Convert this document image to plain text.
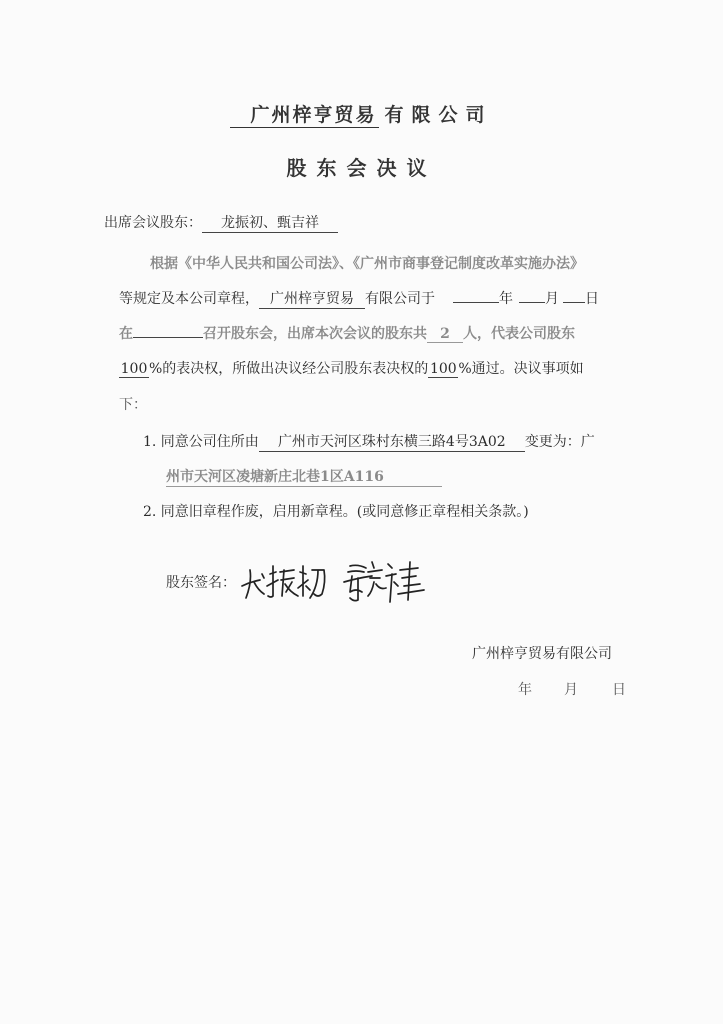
广州梓亨贸易 有限公司
股东会决议
出席会议股东： 龙振初、甄吉祥
根据《中华人民共和国公司法》、《广州市商事登记制度改革实施办法》
等规定及本公司章程， 广州梓亨贸易 有限公司于	年 月 日
在	召开股东会，出席本次会议的股东共 2 人，代表公司股东
100 %的表决权，所做出决议经公司股东表决权的 100 %通过。决议事项如
下：
1. 同意公司住所由 广州市天河区珠村东横三路4号3A02 变更为：广
州市天河区凌塘新庄北巷1区A116
2. 同意旧章程作废，启用新章程。(或同意修正章程相关条款。)
股东签名：
广州梓亨贸易有限公司
年 月 日
